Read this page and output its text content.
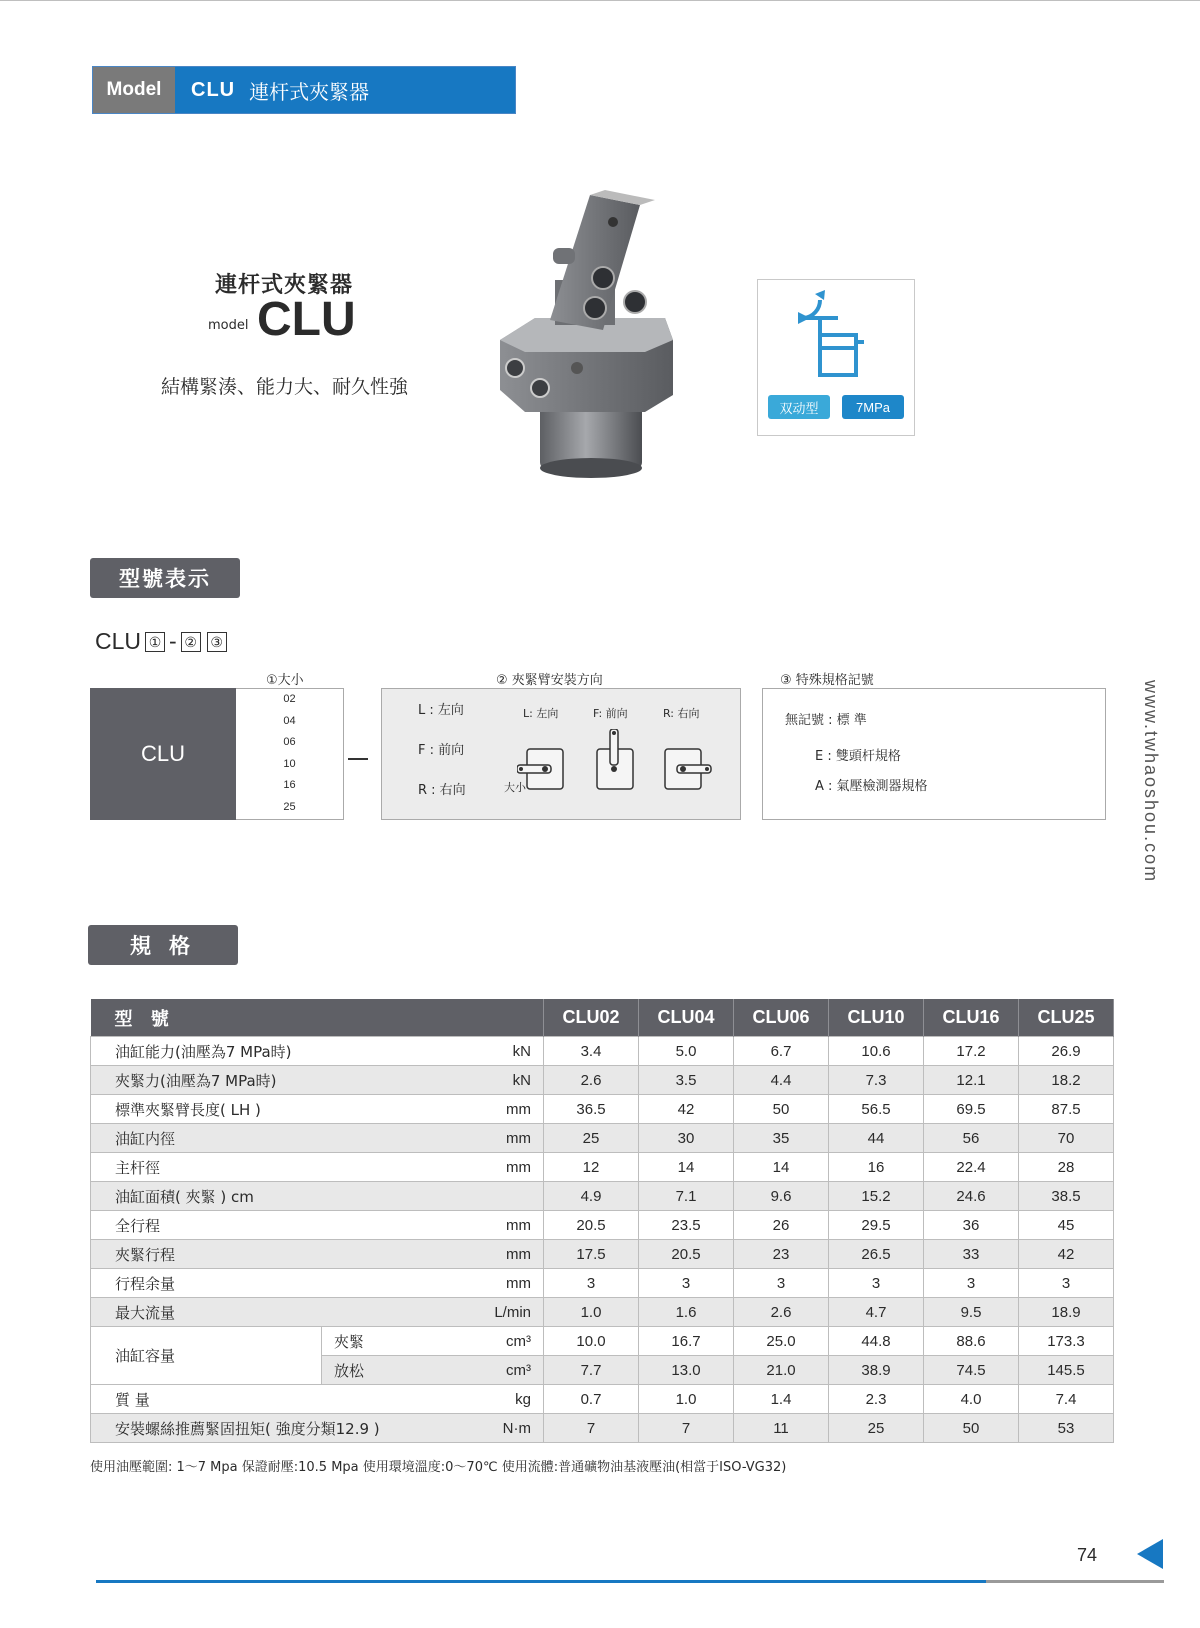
Model	CLU 連杆式夾緊器
連杆式夾緊器
model CLU
結構緊湊、能力大、耐久性強
双动型	7MPa
型號表示
CLU ① - ② ③
①大小	② 夾緊臂安裝方向	③ 特殊規格記號
CLU
02
04
06
10
16
25
L : 左向
F : 前向
R : 右向
L: 左向	F: 前向	R: 右向
大小
無記號 : 標 準
E : 雙頭杆規格
A : 氣壓檢測器規格	www.twhaoshou.com
規格
型 號			CLU02	CLU04	CLU06	CLU10	CLU16	CLU25
油缸能力(油壓為7 MPa時)		kN	3.4	5.0	6.7	10.6	17.2	26.9
夾緊力(油壓為7 MPa時)		kN	2.6	3.5	4.4	7.3	12.1	18.2
標準夾緊臂長度( LH )		mm	36.5	42	50	56.5	69.5	87.5
油缸内徑		mm	25	30	35	44	56	70
主杆徑		mm	12	14	14	16	22.4	28
油缸面積( 夾緊 ) cm			4.9	7.1	9.6	15.2	24.6	38.5
全行程		mm	20.5	23.5	26	29.5	36	45
夾緊行程		mm	17.5	20.5	23	26.5	33	42
行程余量		mm	3	3	3	3	3	3
最大流量		L/min	1.0	1.6	2.6	4.7	9.5	18.9
油缸容量	夾緊	cm³	10.0	16.7	25.0	44.8	88.6	173.3
	放松	cm³	7.7	13.0	21.0	38.9	74.5	145.5
質 量		kg	0.7	1.0	1.4	2.3	4.0	7.4
安裝螺絲推薦緊固扭矩( 強度分類12.9 )		N·m	7	7	11	25	50	53
使用油壓範圍: 1～7 Mpa 保證耐壓:10.5 Mpa 使用環境溫度:0～70℃ 使用流體:普通礦物油基液壓油(相當于ISO-VG32)
74
